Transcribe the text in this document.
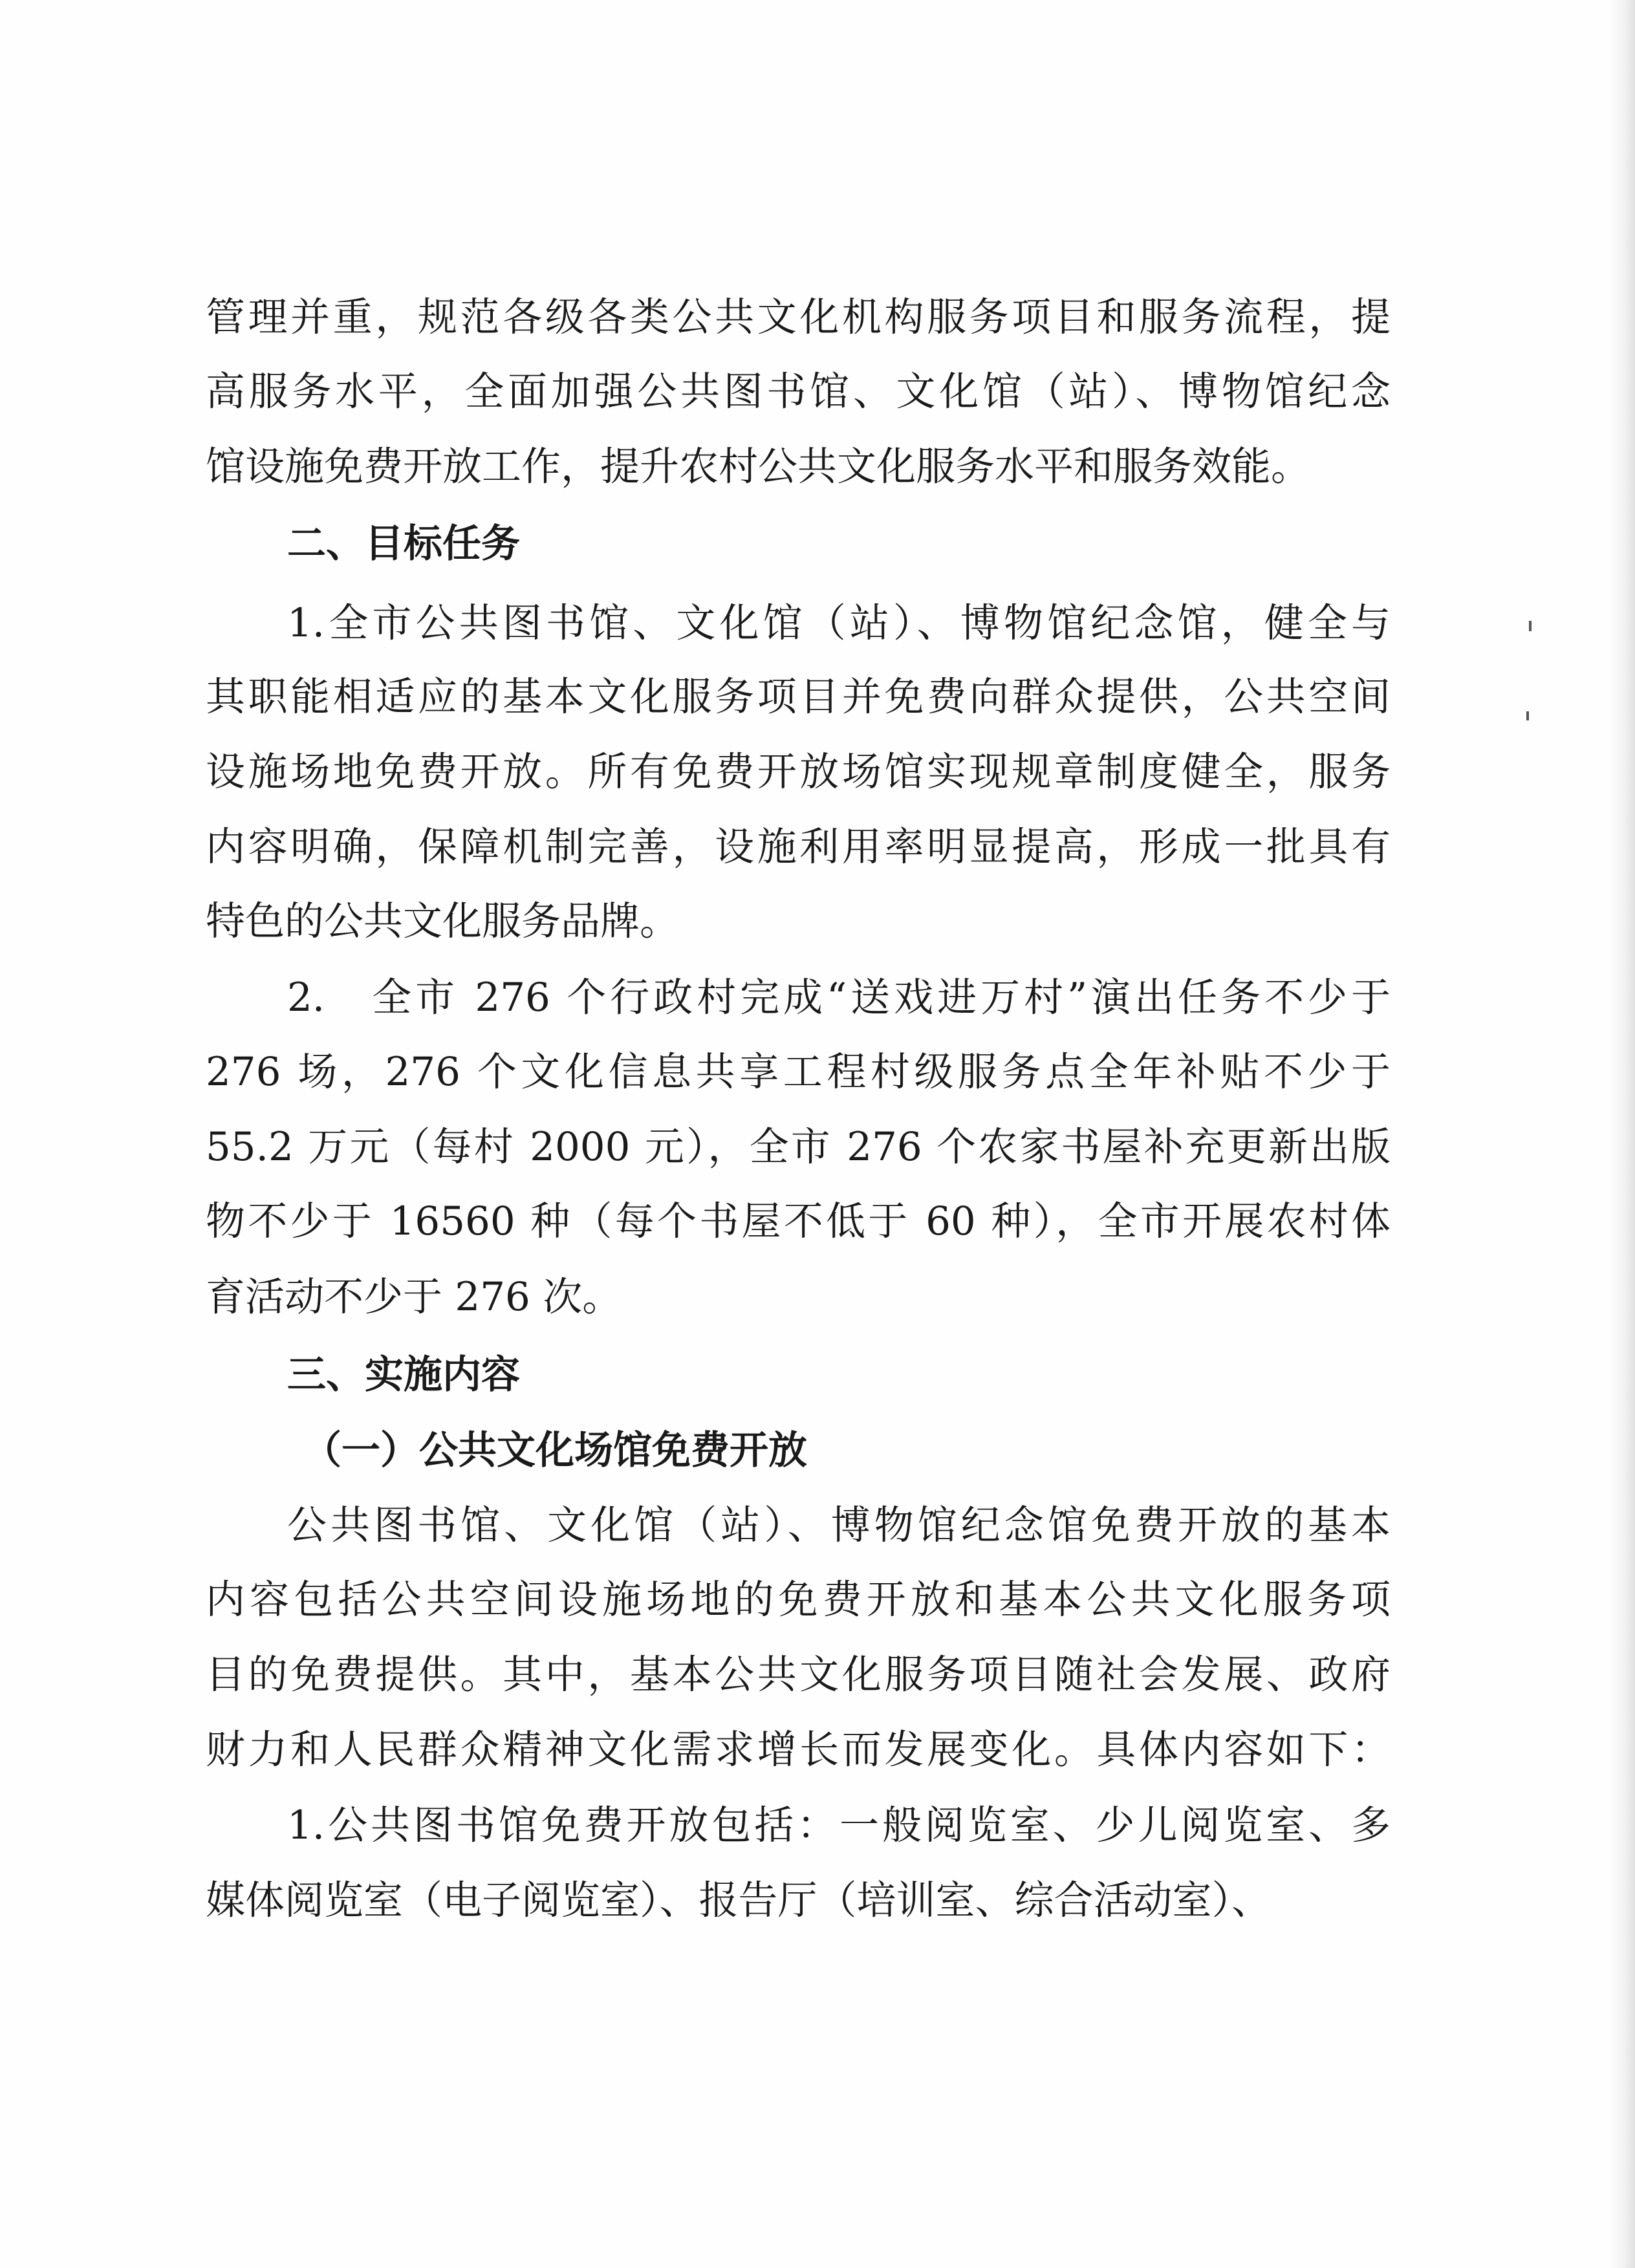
管理并重，规范各级各类公共文化机构服务项目和服务流程，提
高服务水平，全面加强公共图书馆、文化馆（站）、博物馆纪念
馆设施免费开放工作，提升农村公共文化服务水平和服务效能。
二、目标任务
1.全市公共图书馆、文化馆（站）、博物馆纪念馆，健全与
其职能相适应的基本文化服务项目并免费向群众提供，公共空间
设施场地免费开放。所有免费开放场馆实现规章制度健全，服务
内容明确，保障机制完善，设施利用率明显提高，形成一批具有
特色的公共文化服务品牌。
2.　全市 276 个行政村完成“送戏进万村”演出任务不少于
276 场，276 个文化信息共享工程村级服务点全年补贴不少于
55.2 万元（每村 2000 元），全市 276 个农家书屋补充更新出版
物不少于 16560 种（每个书屋不低于 60 种），全市开展农村体
育活动不少于 276 次。
三、实施内容
（一）公共文化场馆免费开放
公共图书馆、文化馆（站）、博物馆纪念馆免费开放的基本
内容包括公共空间设施场地的免费开放和基本公共文化服务项
目的免费提供。其中，基本公共文化服务项目随社会发展、政府
财力和人民群众精神文化需求增长而发展变化。具体内容如下：
1.公共图书馆免费开放包括：一般阅览室、少儿阅览室、多
媒体阅览室（电子阅览室）、报告厅（培训室、综合活动室）、
